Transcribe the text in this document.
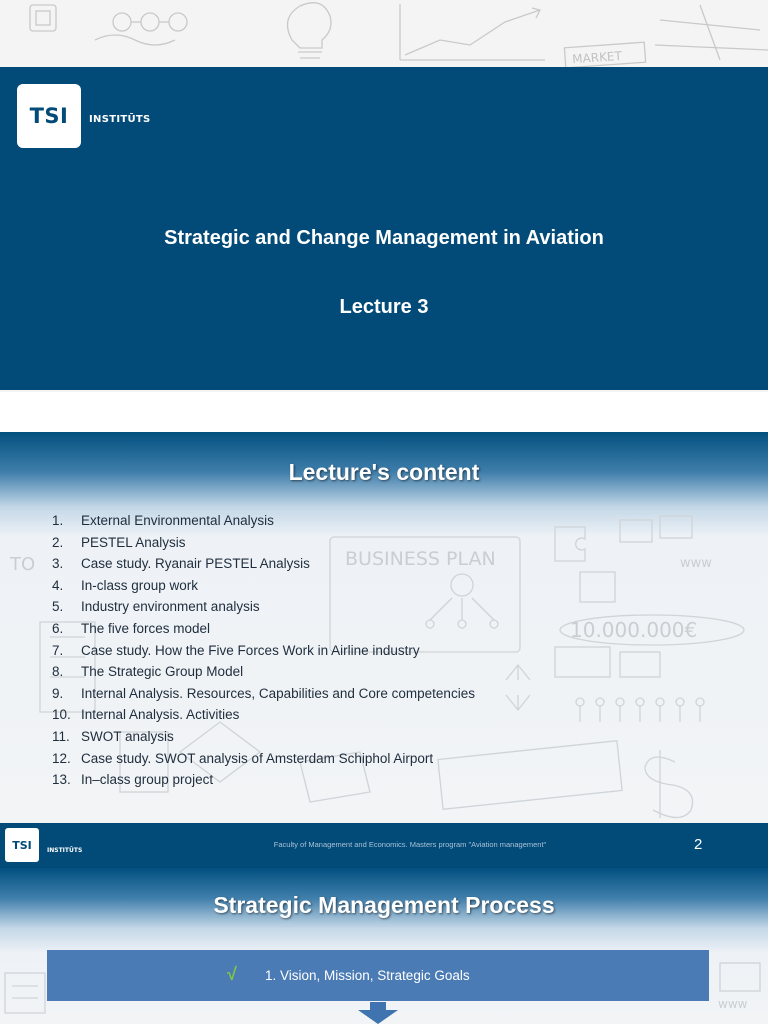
MARKET
TSI INSTITŪTS
Strategic and Change Management in Aviation
Lecture 3
BUSINESS PLAN
10.000.000€
www
TO
Lecture's content
1. External Environmental Analysis
2. PESTEL Analysis
3. Case study. Ryanair PESTEL Analysis
4. In-class group work
5. Industry environment analysis
6. The five forces model
7. Case study. How the Five Forces Work in Airline industry
8. The Strategic Group Model
9. Internal Analysis. Resources, Capabilities and Core competencies
10. Internal Analysis. Activities
11. SWOT analysis
12. Case study. SWOT analysis of Amsterdam Schiphol Airport
13. In–class group project
TSI	INSTITŪTS
Faculty of Management and Economics. Masters program "Aviation management"	2
www
Strategic Management Process
√ 1. Vision, Mission, Strategic Goals
